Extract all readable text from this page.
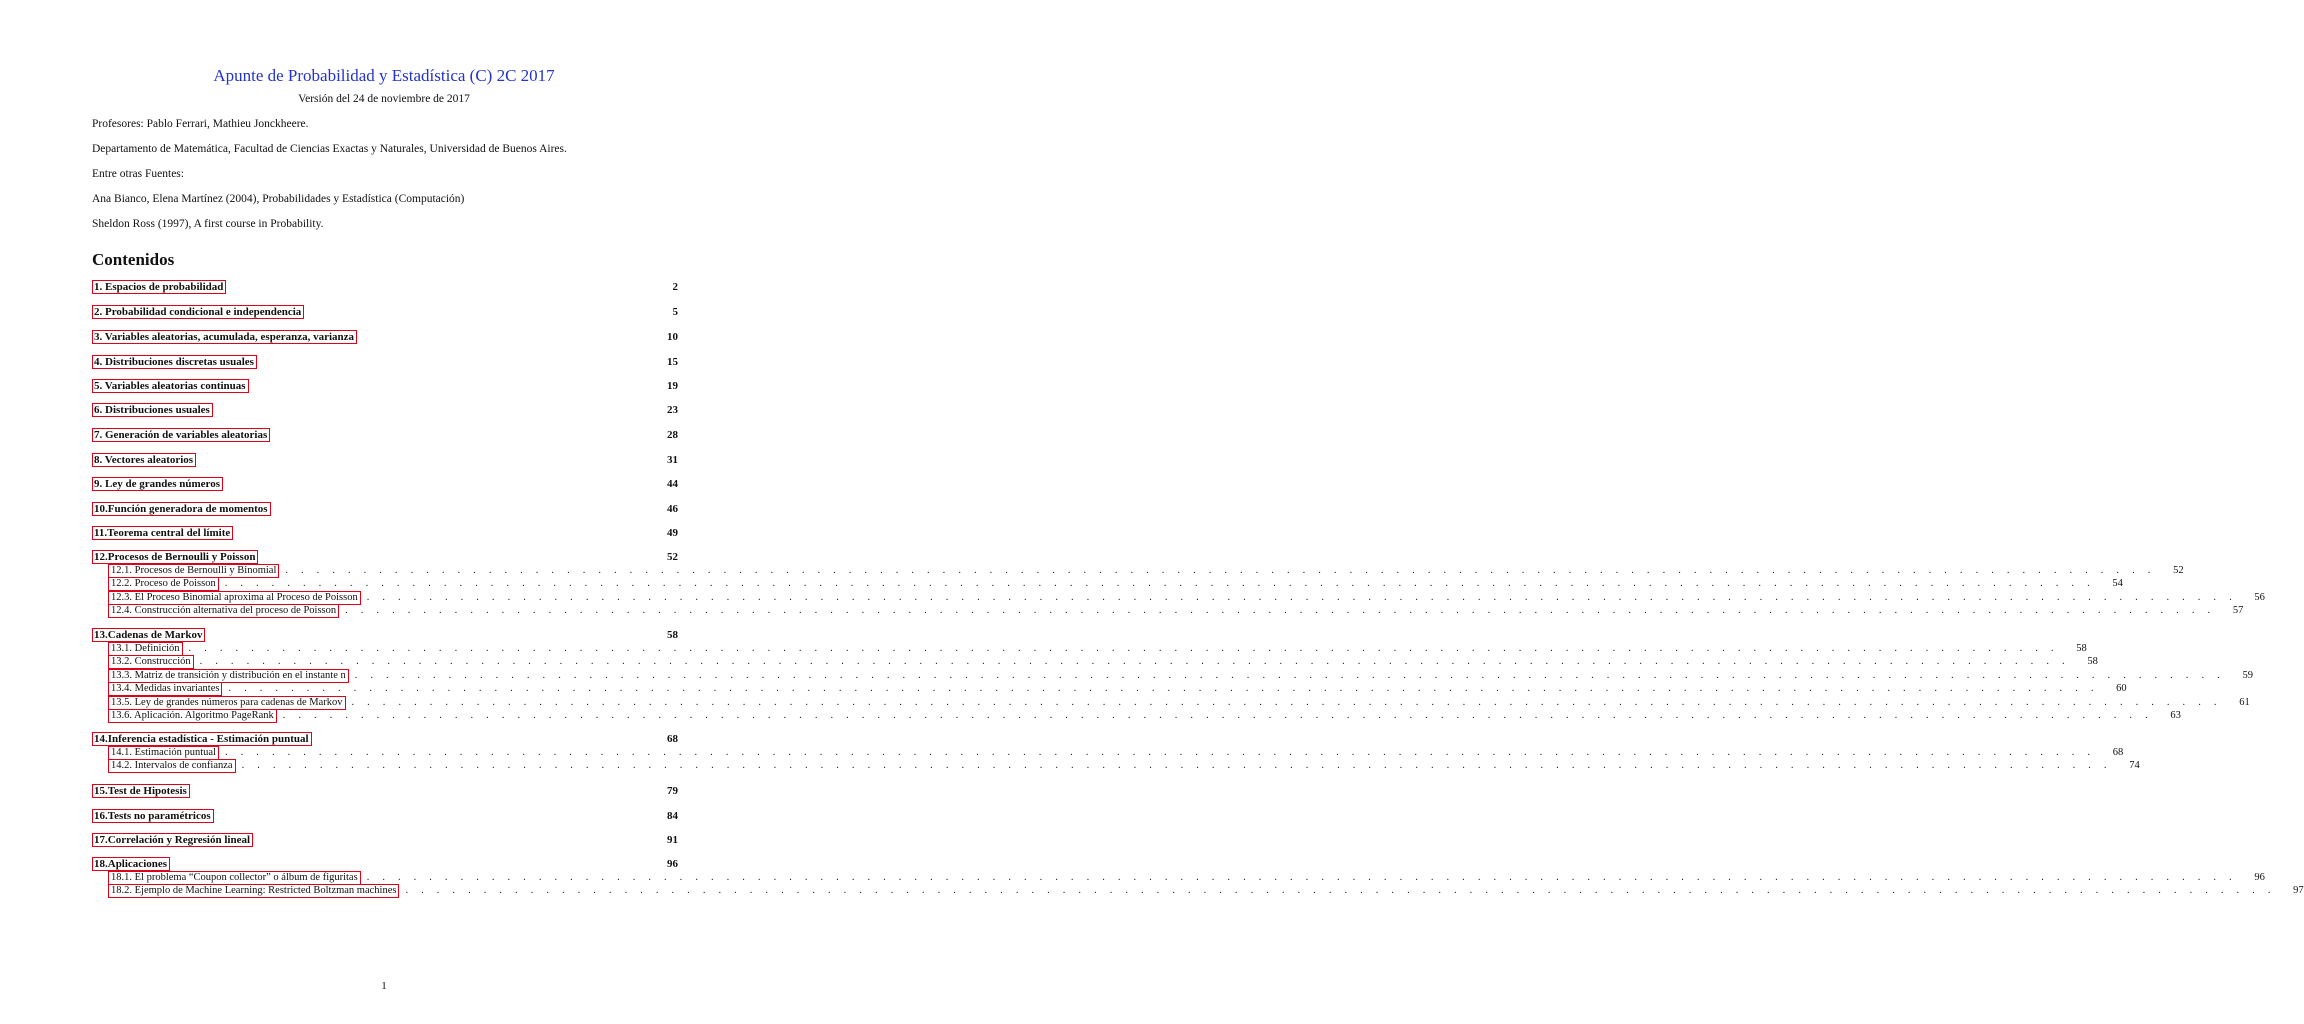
Apunte de Probabilidad y Estadística (C) 2C 2017
Versión del 24 de noviembre de 2017
Profesores: Pablo Ferrari, Mathieu Jonckheere.
Departamento de Matemática, Facultad de Ciencias Exactas y Naturales, Universidad de Buenos Aires.
Entre otras Fuentes:
Ana Bianco, Elena Martínez (2004), Probabilidades y Estadística (Computación)
Sheldon Ross (1997), A first course in Probability.
Contenidos
1. Espacios de probabilidad	2
2. Probabilidad condicional e independencia	5
3. Variables aleatorias, acumulada, esperanza, varianza	10
4. Distribuciones discretas usuales	15
5. Variables aleatorias continuas	19
6. Distribuciones usuales	23
7. Generación de variables aleatorias	28
8. Vectores aleatorios	31
9. Ley de grandes números	44
10.Función generadora de momentos	46
11.Teorema central del límite	49
12.Procesos de Bernoulli y Poisson	52
12.1. Procesos de Bernoulli y Binomial . . . . . . . . . . . . . . . . . . . . . . . . . . . . . . . . . . . . . . . . . . . . . . . . . . . . . . . . . . . . . . . . . . . . . . . . . . . . . . . . . . . . . . . . . . . . . . . . . . . . . . . . . . . . . . . . . . . . . . . .	52
12.2. Proceso de Poisson . . . . . . . . . . . . . . . . . . . . . . . . . . . . . . . . . . . . . . . . . . . . . . . . . . . . . . . . . . . . . . . . . . . . . . . . . . . . . . . . . . . . . . . . . . . . . . . . . . . . . . . . . . . . . . . . . . . . . . . .	54
12.3. El Proceso Binomial aproxima al Proceso de Poisson . . . . . . . . . . . . . . . . . . . . . . . . . . . . . . . . . . . . . . . . . . . . . . . . . . . . . . . . . . . . . . . . . . . . . . . . . . . . . . . . . . . . . . . . . . . . . . . . . . . . . . . . . . . . . . . . . . . . . . . .	56
12.4. Construcción alternativa del proceso de Poisson . . . . . . . . . . . . . . . . . . . . . . . . . . . . . . . . . . . . . . . . . . . . . . . . . . . . . . . . . . . . . . . . . . . . . . . . . . . . . . . . . . . . . . . . . . . . . . . . . . . . . . . . . . . . . . . . . . . . . . . .	57
13.Cadenas de Markov	58
13.1. Definición . . . . . . . . . . . . . . . . . . . . . . . . . . . . . . . . . . . . . . . . . . . . . . . . . . . . . . . . . . . . . . . . . . . . . . . . . . . . . . . . . . . . . . . . . . . . . . . . . . . . . . . . . . . . . . . . . . . . . . . .	58
13.2. Construcción . . . . . . . . . . . . . . . . . . . . . . . . . . . . . . . . . . . . . . . . . . . . . . . . . . . . . . . . . . . . . . . . . . . . . . . . . . . . . . . . . . . . . . . . . . . . . . . . . . . . . . . . . . . . . . . . . . . . . . . .	58
13.3. Matriz de transición y distribución en el instante n . . . . . . . . . . . . . . . . . . . . . . . . . . . . . . . . . . . . . . . . . . . . . . . . . . . . . . . . . . . . . . . . . . . . . . . . . . . . . . . . . . . . . . . . . . . . . . . . . . . . . . . . . . . . . . . . . . . . . . . .	59
13.4. Medidas invariantes . . . . . . . . . . . . . . . . . . . . . . . . . . . . . . . . . . . . . . . . . . . . . . . . . . . . . . . . . . . . . . . . . . . . . . . . . . . . . . . . . . . . . . . . . . . . . . . . . . . . . . . . . . . . . . . . . . . . . . . .	60
13.5. Ley de grandes números para cadenas de Markov . . . . . . . . . . . . . . . . . . . . . . . . . . . . . . . . . . . . . . . . . . . . . . . . . . . . . . . . . . . . . . . . . . . . . . . . . . . . . . . . . . . . . . . . . . . . . . . . . . . . . . . . . . . . . . . . . . . . . . . .	61
13.6. Aplicación. Algoritmo PageRank . . . . . . . . . . . . . . . . . . . . . . . . . . . . . . . . . . . . . . . . . . . . . . . . . . . . . . . . . . . . . . . . . . . . . . . . . . . . . . . . . . . . . . . . . . . . . . . . . . . . . . . . . . . . . . . . . . . . . . . .	63
14.Inferencia estadística - Estimación puntual	68
14.1. Estimación puntual . . . . . . . . . . . . . . . . . . . . . . . . . . . . . . . . . . . . . . . . . . . . . . . . . . . . . . . . . . . . . . . . . . . . . . . . . . . . . . . . . . . . . . . . . . . . . . . . . . . . . . . . . . . . . . . . . . . . . . . .	68
14.2. Intervalos de confianza . . . . . . . . . . . . . . . . . . . . . . . . . . . . . . . . . . . . . . . . . . . . . . . . . . . . . . . . . . . . . . . . . . . . . . . . . . . . . . . . . . . . . . . . . . . . . . . . . . . . . . . . . . . . . . . . . . . . . . . .	74
15.Test de Hipotesis	79
16.Tests no paramétricos	84
17.Correlación y Regresión lineal	91
18.Aplicaciones	96
18.1. El problema “Coupon collector” o álbum de figuritas . . . . . . . . . . . . . . . . . . . . . . . . . . . . . . . . . . . . . . . . . . . . . . . . . . . . . . . . . . . . . . . . . . . . . . . . . . . . . . . . . . . . . . . . . . . . . . . . . . . . . . . . . . . . . . . . . . . . . . . .	96
18.2. Ejemplo de Machine Learning: Restricted Boltzman machines . . . . . . . . . . . . . . . . . . . . . . . . . . . . . . . . . . . . . . . . . . . . . . . . . . . . . . . . . . . . . . . . . . . . . . . . . . . . . . . . . . . . . . . . . . . . . . . . . . . . . . . . . . . . . . . . . . . . . . . .	97
1
